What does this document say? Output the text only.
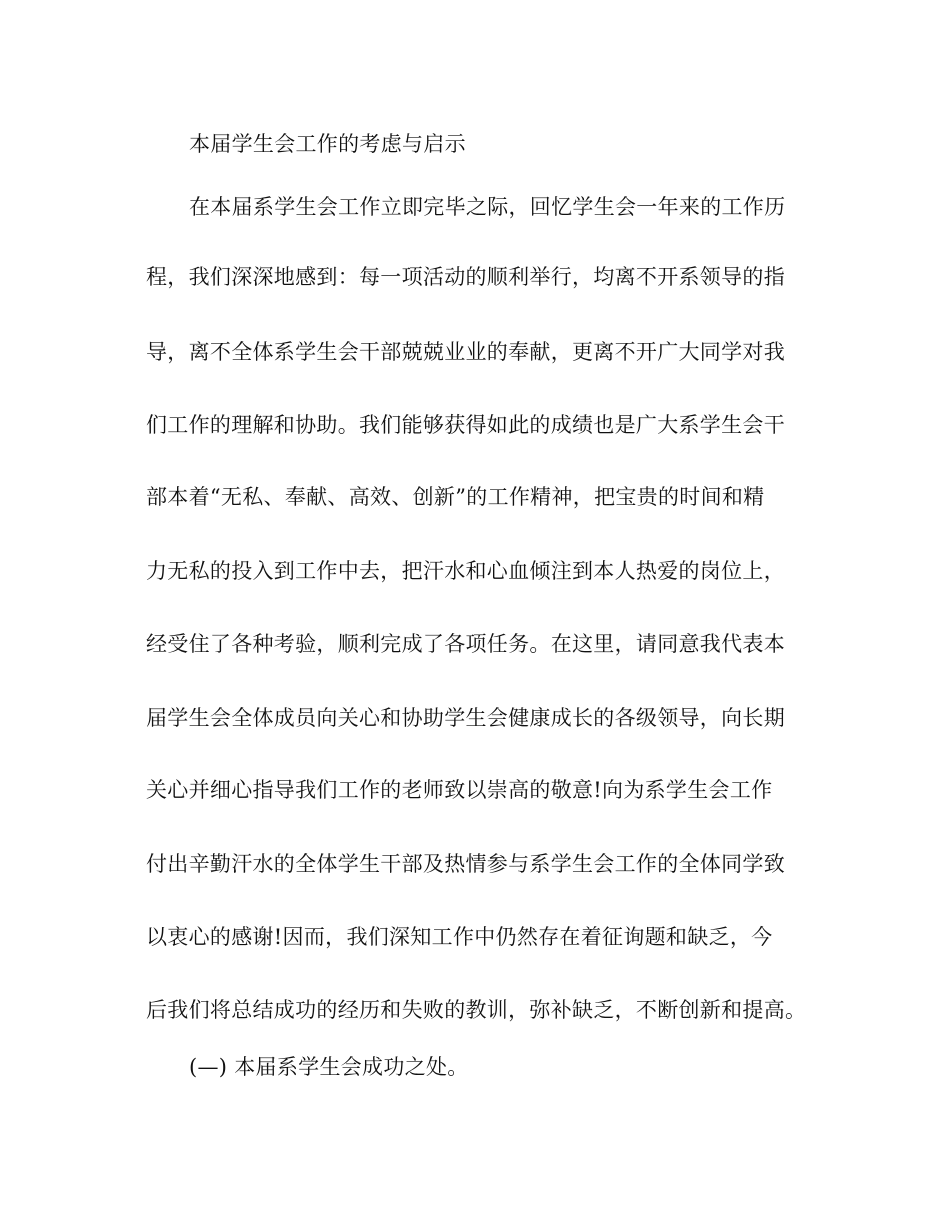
本届学生会工作的考虑与启示
在本届系学生会工作立即完毕之际，回忆学生会一年来的工作历
程，我们深深地感到：每一项活动的顺利举行，均离不开系领导的指
导，离不全体系学生会干部兢兢业业的奉献，更离不开广大同学对我
们工作的理解和协助。我们能够获得如此的成绩也是广大系学生会干
部本着“无私、奉献、高效、创新”的工作精神，把宝贵的时间和精
力无私的投入到工作中去，把汗水和心血倾注到本人热爱的岗位上，
经受住了各种考验，顺利完成了各项任务。在这里，请同意我代表本
届学生会全体成员向关心和协助学生会健康成长的各级领导，向长期
关心并细心指导我们工作的老师致以崇高的敬意!向为系学生会工作
付出辛勤汗水的全体学生干部及热情参与系学生会工作的全体同学致
以衷心的感谢!因而，我们深知工作中仍然存在着征询题和缺乏，今
后我们将总结成功的经历和失败的教训，弥补缺乏，不断创新和提高。
(—) 本届系学生会成功之处。
